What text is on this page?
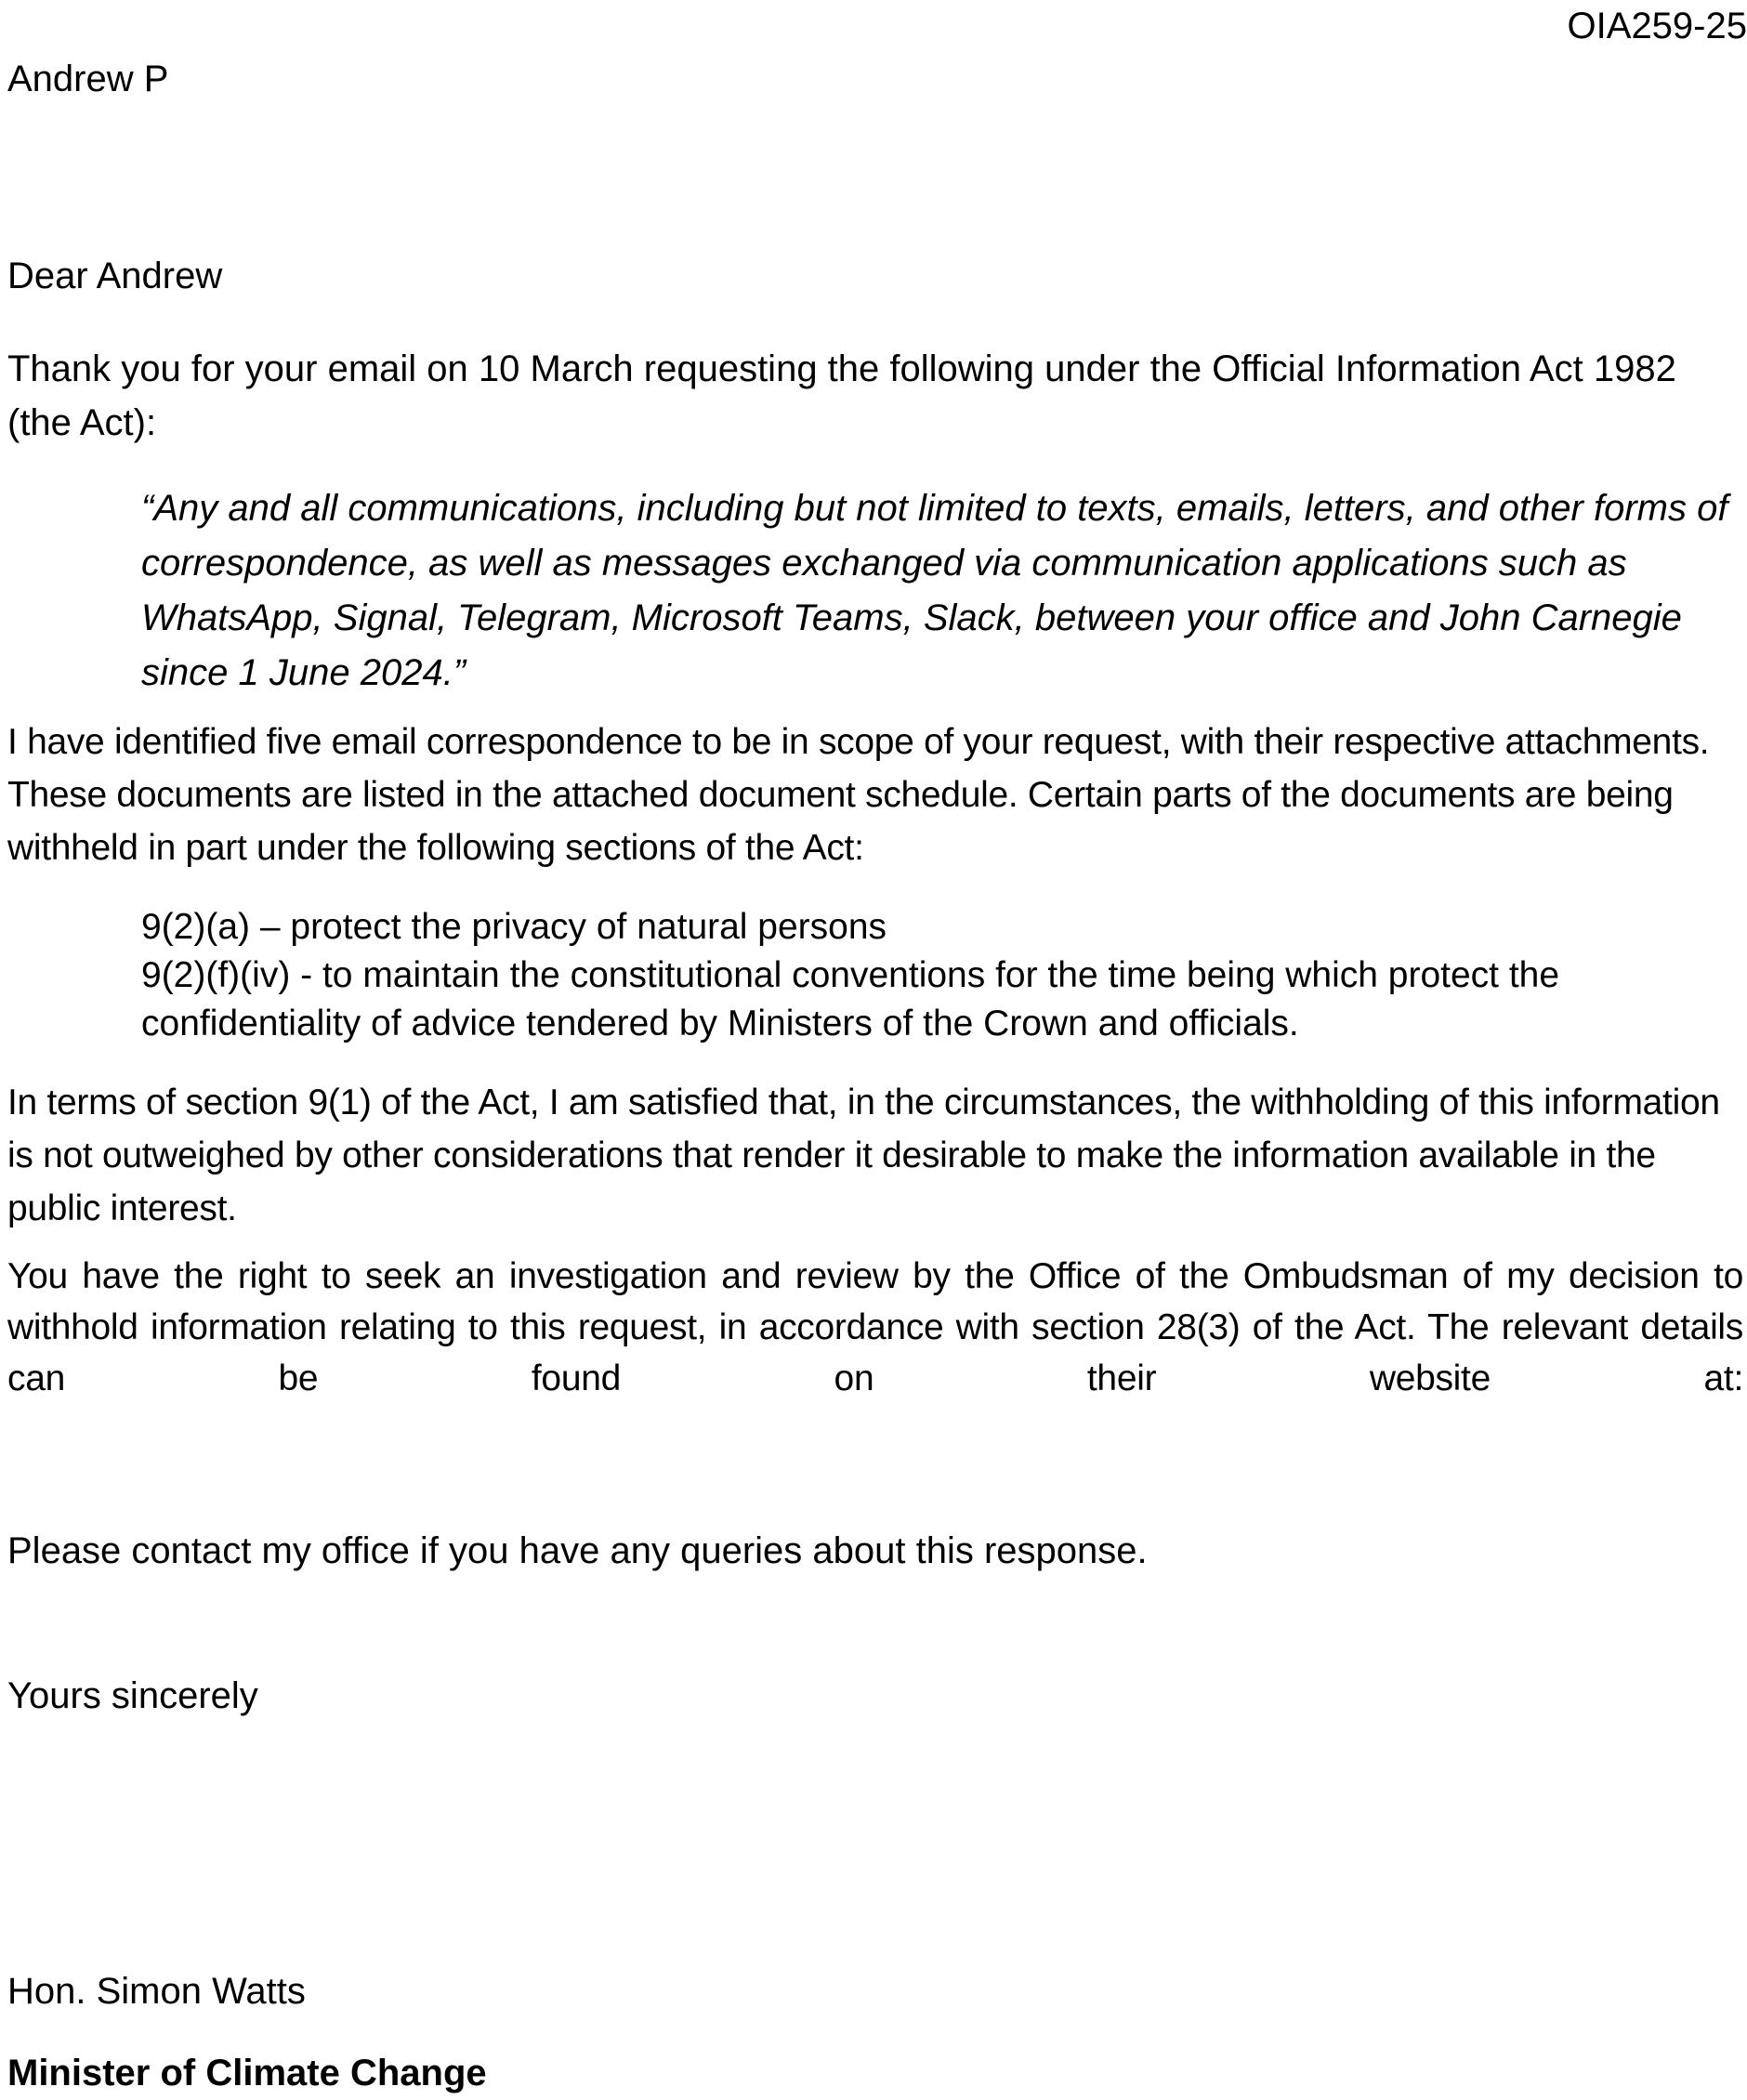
OIA259-25
Andrew P
Dear Andrew
Thank you for your email on 10 March requesting the following under the Official Information Act 1982 (the Act):
“Any and all communications, including but not limited to texts, emails, letters, and other forms of correspondence, as well as messages exchanged via communication applications such as WhatsApp, Signal, Telegram, Microsoft Teams, Slack, between your office and John Carnegie since 1 June 2024.”
I have identified five email correspondence to be in scope of your request, with their respective attachments. These documents are listed in the attached document schedule. Certain parts of the documents are being withheld in part under the following sections of the Act:
9(2)(a) – protect the privacy of natural persons
9(2)(f)(iv) - to maintain the constitutional conventions for the time being which protect the confidentiality of advice tendered by Ministers of the Crown and officials.
In terms of section 9(1) of the Act, I am satisfied that, in the circumstances, the withholding of this information is not outweighed by other considerations that render it desirable to make the information available in the public interest.
You have the right to seek an investigation and review by the Office of the Ombudsman of my decision to withhold information relating to this request, in accordance with section 28(3) of the Act. The relevant details can be found on their website at:
Please contact my office if you have any queries about this response.
Yours sincerely
Hon. Simon Watts
Minister of Climate Change
